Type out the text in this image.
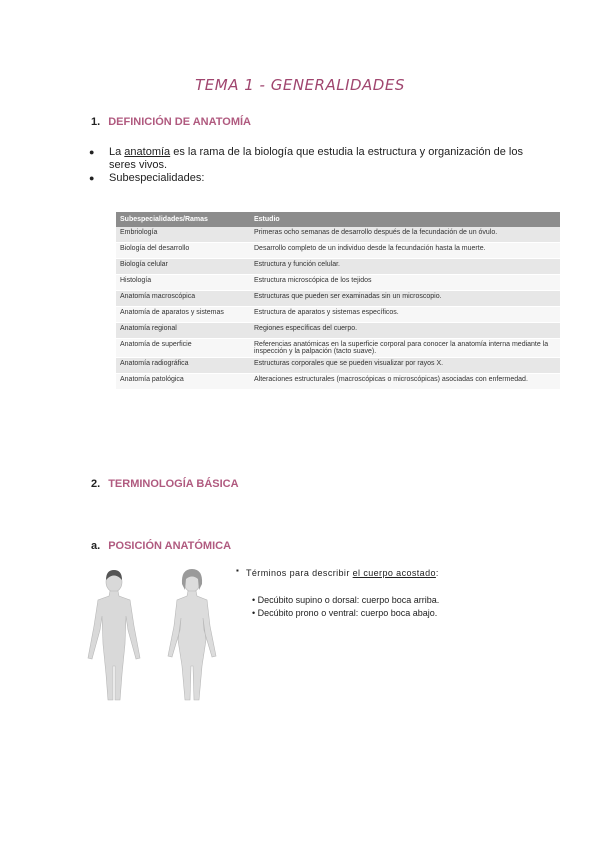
TEMA 1 - GENERALIDADES
1. DEFINICIÓN DE ANATOMÍA
● La anatomía es la rama de la biología que estudia la estructura y organización de los seres vivos.
● Subespecialidades:
Subespecialidades/Ramas	Estudio
Embriología	Primeras ocho semanas de desarrollo después de la fecundación de un óvulo.
Biología del desarrollo	Desarrollo completo de un individuo desde la fecundación hasta la muerte.
Biología celular	Estructura y función celular.
Histología	Estructura microscópica de los tejidos
Anatomía macroscópica	Estructuras que pueden ser examinadas sin un microscopio.
Anatomía de aparatos y sistemas	Estructura de aparatos y sistemas específicos.
Anatomía regional	Regiones específicas del cuerpo.
Anatomía de superficie	Referencias anatómicas en la superficie corporal para conocer la anatomía interna mediante la inspección y la palpación (tacto suave).
Anatomía radiográfica	Estructuras corporales que se pueden visualizar por rayos X.
Anatomía patológica	Alteraciones estructurales (macroscópicas o microscópicas) asociadas con enfermedad.
2. TERMINOLOGÍA BÁSICA
a. POSICIÓN ANATÓMICA
▪ Términos para describir el cuerpo acostado:
• Decúbito supino o dorsal: cuerpo boca arriba.
• Decúbito prono o ventral: cuerpo boca abajo.
